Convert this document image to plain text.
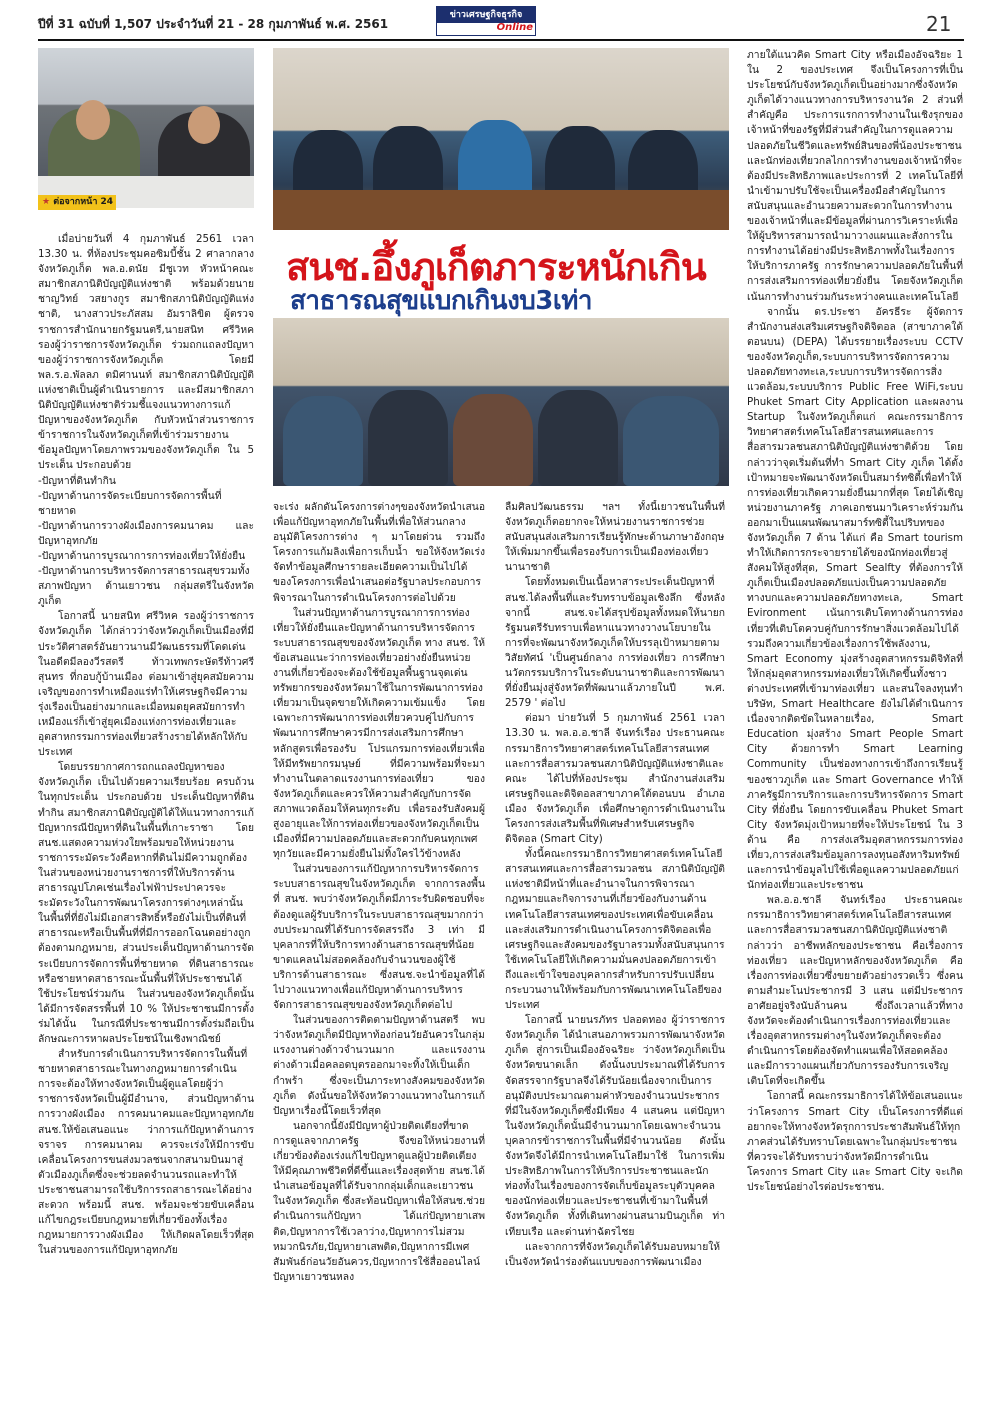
ปีที่ 31 ฉบับที่ 1,507 ประจำวันที่ 21 - 28 กุมภาพันธ์ พ.ศ. 2561
ข่าวเศรษฐกิจธุรกิจ
Online	21
★ ต่อจากหน้า 24
สนช.อึ้งภูเก็ตภาระหนักเกิน
สาธารณสุขแบกเกินงบ3เท่า

เมื่อบ่ายวันที่ 4 กุมภาพันธ์ 2561 เวลา 13.30 น. ที่ห้องประชุมคอซิมบี้ชั้น 2 ศาลากลางจังหวัดภูเก็ต พล.อ.ดนัย มีชูเวท หัวหน้าคณะสมาชิกสภานิติบัญญัติแห่งชาติ พร้อมด้วยนายชาญวิทย์ วสยางกูร สมาชิกสภานิติบัญญัติแห่งชาติ, นางสาวประภัสสม อัมราลิขิต ผู้ตรวจราชการสำนักนายกรัฐมนตรี,นายสนิท ศรีวิหค รองผู้ว่าราชการจังหวัดภูเก็ต ร่วมถกแถลงปัญหาของผู้ว่าราชการจังหวัดภูเก็ต โดยมี พล.ร.อ.พัลลภ ตมิศานนท์ สมาชิกสภานิติบัญญัติแห่งชาติเป็นผู้ดำเนินรายการ และมีสมาชิกสภานิติบัญญัติแห่งชาติร่วมชี้แจงแนวทางการแก้ปัญหาของจังหวัดภูเก็ต กับหัวหน้าส่วนราชการ ข้าราชการในจังหวัดภูเก็ตที่เข้าร่วมรายงานข้อมูลปัญหาโดยภาพรวมของจังหวัดภูเก็ต ใน 5 ประเด็น ประกอบด้วย

-ปัญหาที่ดินทำกิน

-ปัญหาด้านการจัดระเบียบการจัดการพื้นที่ชายหาด

-ปัญหาด้านการวางผังเมืองการคมนาคม และปัญหาอุทกภัย

-ปัญหาด้านการบูรณาการการท่องเที่ยวให้ยั่งยืน

-ปัญหาด้านการบริหารจัดการสาธารณสุขรวมทั้งสภาพปัญหา ด้านเยาวชน กลุ่มสตรีในจังหวัดภูเก็ต

โอกาสนี้ นายสนิท ศรีวิหค รองผู้ว่าราชการจังหวัดภูเก็ต ได้กล่าวว่าจังหวัดภูเก็ตเป็นเมืองที่มีประวัติศาสตร์อันยาวนานมีวัฒนธรรมที่โดดเด่นในอดีตมีลองวีรสตรี ท้าวเทพกระษัตรีท้าวศรีสุนทร ที่กอบกู้บ้านเมือง ต่อมาเข้าสู่ยุคสมัยความเจริญของการทำเหมืองแร่ทำให้เศรษฐกิจมีความรุ่งเรืองเป็นอย่างมากและเมื่อหมดยุคสมัยการทำเหมืองแร่ก็เข้าสู่ยุคเมืองแห่งการท่องเที่ยวและอุตสาหกรรมการท่องเที่ยวสร้างรายได้หลักให้กับประเทศ

โดยบรรยากาศการถกแถลงปัญหาของจังหวัดภูเก็ต เป็นไปด้วยความเรียบร้อย ครบถ้วนในทุกประเด็น ประกอบด้วย ประเด็นปัญหาที่ดินทำกิน สมาชิกสภานิติบัญญัติได้ให้แนวทางการแก้ปัญหากรณีปัญหาที่ดินในพื้นที่เกาะราชา โดย สนช.แสดงความห่วงใยพร้อมขอให้หน่วยงานราชการระมัดระวังคือหากที่ดินไม่มีความถูกต้องในส่วนของหน่วยงานราชการที่ให้บริการด้านสาธารณูปโภคเช่นเรื่องไฟฟ้าประปาควรจะระมัดระวังในการพัฒนาโครงการต่างๆเหล่านั้นในพื้นที่ที่ยังไม่มีเอกสารสิทธิ์หรือยังไม่เป็นที่ดินที่สาธารณะหรือเป็นพื้นที่ที่มีการออกโฉนดอย่างถูกต้องตามกฎหมาย, ส่วนประเด็นปัญหาด้านการจัดระเบียบการจัดการพื้นที่ชายหาด ที่ดินสาธารณะหรือชายหาดสาธารณะนั้นพื้นที่ให้ประชาชนได้ใช้ประโยชน์ร่วมกัน ในส่วนของจังหวัดภูเก็ตนั้นได้มีการจัดสรรพื้นที่ 10 % ให้ประชาชนมีการตั้งร่มได้นั้น ในกรณีที่ประชาชนมีการตั้งร่มถือเป็นลักษณะการหาผลประโยชน์ในเชิงพาณิชย์

สำหรับการดำเนินการบริหารจัดการในพื้นที่ชายหาดสาธารณะในทางกฎหมายการดำเนินการจะต้องให้ทางจังหวัดเป็นผู้ดูแลโดยผู้ว่าราชการจังหวัดเป็นผู้มีอำนาจ, ส่วนปัญหาด้านการวางผังเมือง การคมนาคมและปัญหาอุทกภัย สนช.ให้ข้อเสนอแนะ ว่าการแก้ปัญหาด้านการจราจร การคมนาคม ควรจะเร่งให้มีการขับเคลื่อนโครงการขนส่งมวลชนจากสนามบินมาสู่ตัวเมืองภูเก็ตซึ่งจะช่วยลดจำนวนรถและทำให้ประชาชนสามารถใช้บริการรถสาธารณะได้อย่างสะดวก พร้อมนี้ สนช. พร้อมจะช่วยขับเคลื่อนแก้ไขกฎระเบียบกฎหมายที่เกี่ยวข้องทั้งเรื่องกฎหมายการวางผังเมือง ให้เกิดผลโดยเร็วที่สุด ในส่วนของการแก้ปัญหาอุทกภัย

จะเร่ง ผลักดันโครงการต่างๆของจังหวัดนำเสนอเพื่อแก้ปัญหาอุทกภัยในพื้นที่เพื่อให้ส่วนกลางอนุมัติโครงการต่าง ๆ มาโดยด่วน รวมถึงโครงการแก้มลิงเพื่อการเก็บน้ำ ขอให้จังหวัดเร่งจัดทำข้อมูลศึกษารายละเอียดความเป็นไปได้ของโครงการเพื่อนำเสนอต่อรัฐบาลประกอบการพิจารณาในการดำเนินโครงการต่อไปด้วย

ในส่วนปัญหาด้านการบูรณาการการท่องเที่ยวให้ยั่งยืนและปัญหาด้านการบริหารจัดการระบบสาธารณสุขของจังหวัดภูเก็ต ทาง สนช. ให้ข้อเสนอแนะว่าการท่องเที่ยวอย่างยั่งยืนหน่วยงานที่เกี่ยวข้องจะต้องใช้ข้อมูลพื้นฐานจุดเด่นทรัพยากรของจังหวัดมาใช้ในการพัฒนาการท่องเที่ยวมาเป็นจุดขายให้เกิดความเข้มแข็ง โดยเฉพาะการพัฒนาการท่องเที่ยวควบคู่ไปกับการพัฒนาการศึกษาควรมีการส่งเสริมการศึกษาหลักสูตรเพื่อรองรับ โปรแกรมการท่องเที่ยวเพื่อให้มีทรัพยากรมนุษย์ ที่มีความพร้อมที่จะมาทำงานในตลาดแรงงานการท่องเที่ยว ของจังหวัดภูเก็ตและควรให้ความสำคัญกับการจัดสภาพแวดล้อมให้คนทุกระดับ เพื่อรองรับสังคมผู้สูงอายุและให้การท่องเที่ยวของจังหวัดภูเก็ตเป็นเมืองที่มีความปลอดภัยและสะดวกกับคนทุกเพศทุกวัยและมีความยั่งยืนไม่ทิ้งใครไว้ข้างหลัง

ในส่วนของการแก้ปัญหาการบริหารจัดการระบบสาธารณสุขในจังหวัดภูเก็ต จากการลงพื้นที่ สนช. พบว่าจังหวัดภูเก็ตมีภาระรับผิดชอบที่จะต้องดูแลผู้รับบริการในระบบสาธารณสุขมากกว่างบประมาณที่ได้รับการจัดสรรถึง 3 เท่า มีบุคลากรที่ให้บริการทางด้านสาธารณสุขที่น้อยขาดแคลนไม่สอดคล้องกับจำนวนของผู้ใช้บริการด้านสาธารณะ ซึ่งสนช.จะนำข้อมูลที่ได้ ไปวางแนวทางเพื่อแก้ปัญหาด้านการบริหารจัดการสาธารณสุขของจังหวัดภูเก็ตต่อไป

ในส่วนของการติดตามปัญหาด้านสตรี พบว่าจังหวัดภูเก็ตมีปัญหาท้องก่อนวัยอันควรในกลุ่มแรงงานต่างด้าวจำนวนมาก และแรงงานต่างด้าวเมื่อคลอดบุตรออกมาจะทิ้งให้เป็นเด็กกำพร้า ซึ่งจะเป็นภาระทางสังคมของจังหวัดภูเก็ต ดังนั้นขอให้จังหวัดวางแนวทางในการแก้ปัญหาเรื่องนี้โดยเร็วที่สุด

นอกจากนี้ยังมีปัญหาผู้ป่วยติดเตียงที่ขาดการดูแลจากภาครัฐ จึงขอให้หน่วยงานที่เกี่ยวข้องต้องเร่งแก้ไขปัญหาดูแลผู้ป่วยติดเตียงให้มีคุณภาพชีวิตที่ดีขึ้นและเรื่องสุดท้าย สนช.ได้นำเสนอข้อมูลที่ได้รับจากกลุ่มเด็กและเยาวชน ในจังหวัดภูเก็ต ซึ่งสะท้อนปัญหาเพื่อให้สนช.ช่วยดำเนินการแก้ปัญหา ได้แก่ปัญหายาเสพติด,ปัญหาการใช้เวลาว่าง,ปัญหาการไม่สวมหมวกนิรภัย,ปัญหายาเสพติด,ปัญหาการมีเพศสัมพันธ์ก่อนวัยอันควร,ปัญหาการใช้สื่อออนไลน์ ปัญหาเยาวชนหลง

ลืมศิลปวัฒนธรรม ฯลฯ ทั้งนี้เยาวชนในพื้นที่จังหวัดภูเก็ตอยากจะให้หน่วยงานราชการช่วยสนับสนุนส่งเสริมการเรียนรู้ทักษะด้านภาษาอังกฤษให้เพิ่มมากขึ้นเพื่อรองรับการเป็นเมืองท่องเที่ยวนานาชาติ

โดยทั้งหมดเป็นเนื้อหาสาระประเด็นปัญหาที่ สนช.ได้ลงพื้นที่และรับทราบข้อมูลเชิงลึก ซึ่งหลังจากนี้ สนช.จะได้สรุปข้อมูลทั้งหมดให้นายกรัฐมนตรีรับทราบเพื่อหาแนวทางวางนโยบายในการที่จะพัฒนาจังหวัดภูเก็ตให้บรรลุเป้าหมายตามวิสัยทัศน์ 'เป็นศูนย์กลาง การท่องเที่ยว การศึกษานวัตกรรมบริการในระดับนานาชาติและการพัฒนาที่ยั่งยืนมุ่งสู่จังหวัดที่พัฒนาแล้วภายในปี พ.ศ. 2579 ' ต่อไป

ต่อมา บ่ายวันที่ 5 กุมภาพันธ์ 2561 เวลา 13.30 น. พล.อ.อ.ชาลี จันทร์เรือง ประธานคณะกรรมาธิการวิทยาศาสตร์เทคโนโลยีสารสนเทศและการสื่อสารมวลชนสภานิติบัญญัติแห่งชาติและคณะ ได้ไปที่ห้องประชุม สำนักงานส่งเสริมเศรษฐกิจและดิจิตอลสาขาภาคใต้ตอนบน อำเภอเมือง จังหวัดภูเก็ต เพื่อศึกษาดูการดำเนินงานในโครงการส่งเสริมพื้นที่พิเศษสำหรับเศรษฐกิจดิจิตอล (Smart City)

ทั้งนี้คณะกรรมาธิการวิทยาศาสตร์เทคโนโลยีสารสนเทศและการสื่อสารมวลชน สภานิติบัญญัติแห่งชาติมีหน้าที่และอำนาจในการพิจารณากฎหมายและกิจการงานที่เกี่ยวข้องกับงานด้านเทคโนโลยีสารสนเทศของประเทศเพื่อขับเคลื่อนและส่งเสริมการดำเนินงานโครงการดิจิตอลเพื่อเศรษฐกิจและสังคมของรัฐบาลรวมทั้งสนับสนุนการใช้เทคโนโลยีให้เกิดความมั่นคงปลอดภัยการเข้าถึงและเข้าใจของบุคลากรสำหรับการปรับเปลี่ยนกระบวนงานให้พร้อมกับการพัฒนาเทคโนโลยีของประเทศ

โอกาสนี้ นายนรภัทร ปลอดทอง ผู้ว่าราชการจังหวัดภูเก็ต ได้นำเสนอภาพรวมการพัฒนาจังหวัดภูเก็ต สู่การเป็นเมืองอัจฉริยะ ว่าจังหวัดภูเก็ตเป็นจังหวัดขนาดเล็ก ดังนั้นงบประมาณที่ได้รับการจัดสรรจากรัฐบาลจึงได้รับน้อยเนื่องจากเป็นการอนุมัติงบประมาณตามค่าหัวของจำนวนประชากรที่มีในจังหวัดภูเก็ตซึ่งมีเพียง 4 แสนคน แต่ปัญหาในจังหวัดภูเก็ตนั้นมีจำนวนมากโดยเฉพาะจำนวนบุคลากรข้าราชการในพื้นที่มีจำนวนน้อย ดังนั้นจังหวัดจึงได้มีการนำเทคโนโลยีมาใช้ ในการเพิ่มประสิทธิภาพในการให้บริการประชาชนและนักท่องทั้งในเรื่องของการจัดเก็บข้อมูลระบุตัวบุคคลของนักท่องเที่ยวและประชาชนที่เข้ามาในพื้นที่จังหวัดภูเก็ต ทั้งที่เดินทางผ่านสนามบินภูเก็ต ท่าเทียบเรือ และด่านท่าฉัตรไชย

และจากการที่จังหวัดภูเก็ตได้รับมอบหมายให้เป็นจังหวัดนำร่องต้นแบบของการพัฒนาเมือง

ภายใต้แนวคิด Smart City หรือเมืองอัจฉริยะ 1 ใน 2 ของประเทศ จึงเป็นโครงการที่เป็นประโยชน์กับจังหวัดภูเก็ตเป็นอย่างมากซึ่งจังหวัดภูเก็ตได้วางแนวทางการบริหารงานวัด 2 ส่วนที่สำคัญคือ ประการแรกการทำงานในเชิงรุกของเจ้าหน้าที่ของรัฐที่มีส่วนสำคัญในการดูแลความปลอดภัยในชีวิตและทรัพย์สินของพี่น้องประชาชนและนักท่องเที่ยวกลไกการทำงานของเจ้าหน้าที่จะต้องมีประสิทธิภาพและประการที่ 2 เทคโนโลยีที่นำเข้ามาปรับใช้จะเป็นเครื่องมือสำคัญในการสนับสนุนและอำนวยความสะดวกในการทำงานของเจ้าหน้าที่และมีข้อมูลที่ผ่านการวิเคราะห์เพื่อให้ผู้บริหารสามารถนำมาวางแผนและสั่งการในการทำงานได้อย่างมีประสิทธิภาพทั้งในเรื่องการให้บริการภาครัฐ การรักษาความปลอดภัยในพื้นที่การส่งเสริมการท่องเที่ยวยั่งยืน โดยจังหวัดภูเก็ตเน้นการทำงานร่วมกันระหว่างคนและเทคโนโลยี

จากนั้น ดร.ประชา อัครธีระ ผู้จัดการสำนักงานส่งเสริมเศรษฐกิจดิจิตอล (สาขาภาคใต้ตอนบน) (DEPA) ได้บรรยายเรื่องระบบ CCTV ของจังหวัดภูเก็ต,ระบบการบริหารจัดการความปลอดภัยทางทะเล,ระบบการบริหารจัดการสิ่งแวดล้อม,ระบบบริการ Public Free WiFi,ระบบ Phuket Smart City Application และผลงาน Startup ในจังหวัดภูเก็ตแก่ คณะกรรมาธิการวิทยาศาสตร์เทคโนโลยีสารสนเทศและการสื่อสารมวลชนสภานิติบัญญัติแห่งชาติด้วย โดยกล่าวว่าจุดเริ่มต้นที่ทำ Smart City ภูเก็ต ได้ตั้งเป้าหมายจะพัฒนาจังหวัดเป็นสมาร์ทซิตี้เพื่อทำให้การท่องเที่ยวเกิดความยั่งยืนมากที่สุด โดยได้เชิญหน่วยงานภาครัฐ ภาคเอกชนมาวิเคราะห์ร่วมกัน ออกมาเป็นแผนพัฒนาสมาร์ทซิตี้ในปริบทของจังหวัดภูเก็ต 7 ด้าน ได้แก่ คือ Smart tourism ทำให้เกิดการกระจายรายได้ของนักท่องเที่ยวสู่สังคมให้สูงที่สุด, Smart Sealfty ที่ต้องการให้ภูเก็ตเป็นเมืองปลอดภัยแบ่งเป็นความปลอดภัยทางบกและความปลอดภัยทางทะเล, Smart Evironment เน้นการเติบโตทางด้านการท่องเที่ยวที่เติบโตควบคู่กับการรักษาสิ่งแวดล้อมไปได้รวมถึงความเกี่ยวข้องเรื่องการใช้พลังงาน, Smart Economy มุ่งสร้างอุตสาหกรรมดิจิทัลที่ให้กลุ่มอุตสาหกรรมท่องเที่ยวให้เกิดขึ้นทั้งชาวต่างประเทศที่เข้ามาท่องเที่ยว และสนใจลงทุนทำบริษัท, Smart Healthcare ยังไม่ได้ดำเนินการเนื่องจากติดขัดในหลายเรื่อง, Smart Education มุ่งสร้าง Smart People Smart City ด้วยการทำ Smart Learning Community เป็นช่องทางการเข้าถึงการเรียนรู้ของชาวภูเก็ต และ Smart Governance ทำให้ภาครัฐมีการบริการและการบริหารจัดการ Smart City ที่ยั่งยืน โดยการขับเคลื่อน Phuket Smart City จังหวัดมุ่งเป้าหมายที่จะให้ประโยชน์ ใน 3 ด้าน คือ การส่งเสริมอุตสาหกรรมการท่องเที่ยว,การส่งเสริมข้อมูลการลงทุนอสังหาริมทรัพย์และการนำข้อมูลไปใช้เพื่อดูแลความปลอดภัยแก่นักท่องเที่ยวและประชาชน

พล.อ.อ.ชาลี จันทร์เรือง ประธานคณะกรรมาธิการวิทยาศาสตร์เทคโนโลยีสารสนเทศและการสื่อสารมวลชนสภานิติบัญญัติแห่งชาติกล่าวว่า อาชีพหลักของประชาชน คือเรื่องการท่องเที่ยว และปัญหาหลักของจังหวัดภูเก็ต คือเรื่องการท่องเที่ยวซึ่งขยายตัวอย่างรวดเร็ว ซึ่งคนตามสำมะโนประชากรมี 3 แสน แต่มีประชากรอาศัยอยู่จริงนับล้านคน ซึ่งถึงเวลาแล้วที่ทางจังหวัดจะต้องดำเนินการเรื่องการท่องเที่ยวและเรื่องอุตสาหกรรมต่างๆในจังหวัดภูเก็ตจะต้องดำเนินการโดยต้องจัดทำแผนเพื่อให้สอดคล้องและมีการวางแผนเกี่ยวกับการรองรับการเจริญเติบโตที่จะเกิดขึ้น

โอกาสนี้ คณะกรรมาธิการได้ให้ข้อเสนอแนะว่าโครงการ Smart City เป็นโครงการที่ดีแต่อยากจะให้ทางจังหวัดรุกการประชาสัมพันธ์ให้ทุกภาคส่วนได้รับทราบโดยเฉพาะในกลุ่มประชาชนที่ควรจะได้รับทราบว่าจังหวัดมีการดำเนินโครงการ Smart City และ Smart City จะเกิดประโยชน์อย่างไรต่อประชาชน.
